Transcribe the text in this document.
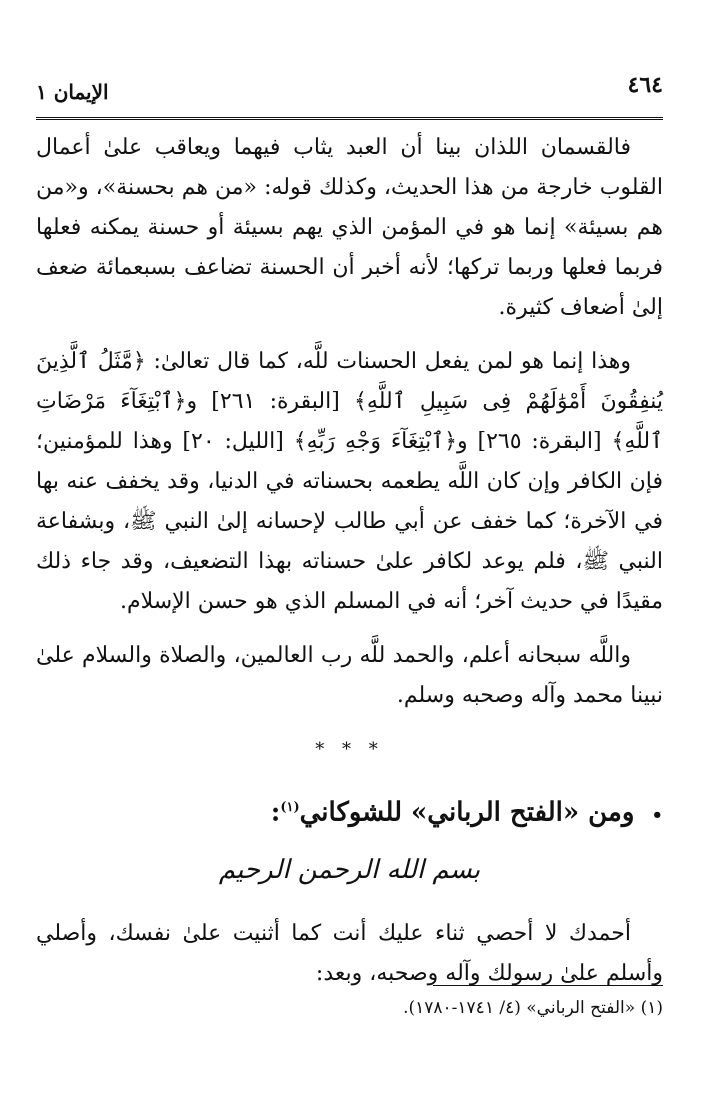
٤٦٤
الإيمان ١

فالقسمان اللذان بينا أن العبد يثاب فيهما ويعاقب علىٰ أعمال القلوب خارجة من هذا الحديث، وكذلك قوله: «من هم بحسنة»، و«من هم بسيئة» إنما هو في المؤمن الذي يهم بسيئة أو حسنة يمكنه فعلها فربما فعلها وربما تركها؛ لأنه أخبر أن الحسنة تضاعف بسبعمائة ضعف إلىٰ أضعاف كثيرة.

وهذا إنما هو لمن يفعل الحسنات للَّه، كما قال تعالىٰ: ﴿مَّثَلُ ٱلَّذِينَ يُنفِقُونَ أَمْوَٰلَهُمْ فِى سَبِيلِ ٱللَّهِ﴾ [البقرة: ٢٦١] و﴿ٱبْتِغَآءَ مَرْضَاتِ ٱللَّهِ﴾ [البقرة: ٢٦٥] و﴿ٱبْتِغَآءَ وَجْهِ رَبِّهِ﴾ [الليل: ٢٠] وهذا للمؤمنين؛ فإن الكافر وإن كان اللَّه يطعمه بحسناته في الدنيا، وقد يخفف عنه بها في الآخرة؛ كما خفف عن أبي طالب لإحسانه إلىٰ النبي ﷺ، وبشفاعة النبي ﷺ، فلم يوعد لكافر علىٰ حسناته بهذا التضعيف، وقد جاء ذلك مقيدًا في حديث آخر؛ أنه في المسلم الذي هو حسن الإسلام.

واللَّه سبحانه أعلم، والحمد للَّه رب العالمين، والصلاة والسلام علىٰ نبينا محمد وآله وصحبه وسلم.

* * *
• ومن «الفتح الرباني» للشوكاني$^{(١)}$:
بسم الله الرحمن الرحيم

أحمدك لا أحصي ثناء عليك أنت كما أثنيت علىٰ نفسك، وأصلي وأسلم علىٰ رسولك وآله وصحبه، وبعد:

(١) «الفتح الرباني» (٤/ ١٧٤١-١٧٨٠).
